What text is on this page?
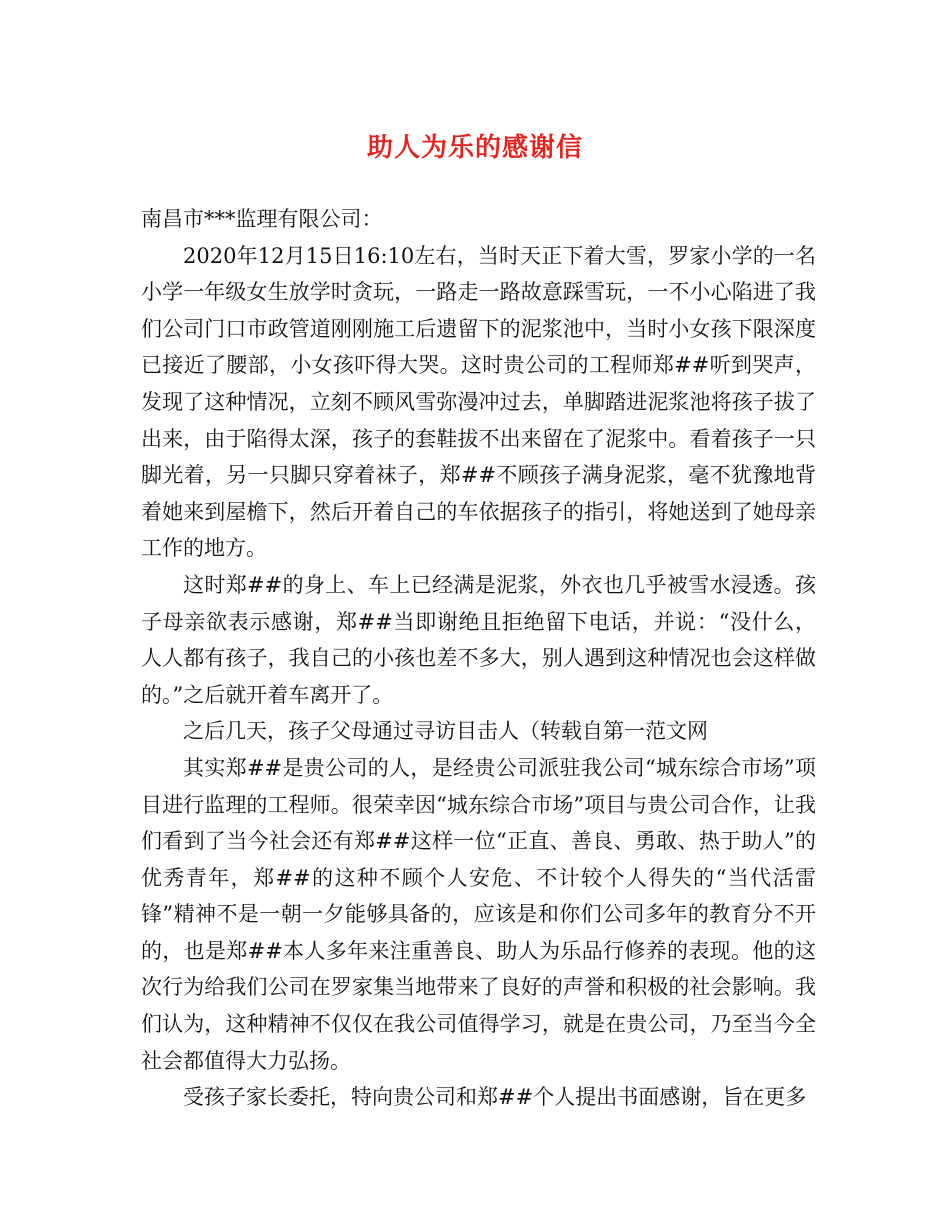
助人为乐的感谢信

南昌市***监理有限公司：

2020年12月15日16:10左右，当时天正下着大雪，罗家小学的一名小学一年级女生放学时贪玩，一路走一路故意踩雪玩，一不小心陷进了我们公司门口市政管道刚刚施工后遗留下的泥浆池中，当时小女孩下限深度已接近了腰部，小女孩吓得大哭。这时贵公司的工程师郑##听到哭声，发现了这种情况，立刻不顾风雪弥漫冲过去，单脚踏进泥浆池将孩子拔了出来，由于陷得太深，孩子的套鞋拔不出来留在了泥浆中。看着孩子一只脚光着，另一只脚只穿着袜子，郑##不顾孩子满身泥浆，毫不犹豫地背着她来到屋檐下，然后开着自己的车依据孩子的指引，将她送到了她母亲工作的地方。

这时郑##的身上、车上已经满是泥浆，外衣也几乎被雪水浸透。孩子母亲欲表示感谢，郑##当即谢绝且拒绝留下电话，并说：“没什么，人人都有孩子，我自己的小孩也差不多大，别人遇到这种情况也会这样做的。”之后就开着车离开了。

之后几天，孩子父母通过寻访目击人（转载自第一范文网

其实郑##是贵公司的人，是经贵公司派驻我公司“城东综合市场”项目进行监理的工程师。很荣幸因“城东综合市场”项目与贵公司合作，让我们看到了当今社会还有郑##这样一位“正直、善良、勇敢、热于助人”的优秀青年，郑##的这种不顾个人安危、不计较个人得失的“当代活雷锋”精神不是一朝一夕能够具备的，应该是和你们公司多年的教育分不开的，也是郑##本人多年来注重善良、助人为乐品行修养的表现。他的这次行为给我们公司在罗家集当地带来了良好的声誉和积极的社会影响。我们认为，这种精神不仅仅在我公司值得学习，就是在贵公司，乃至当今全社会都值得大力弘扬。

受孩子家长委托，特向贵公司和郑##个人提出书面感谢，旨在更多
